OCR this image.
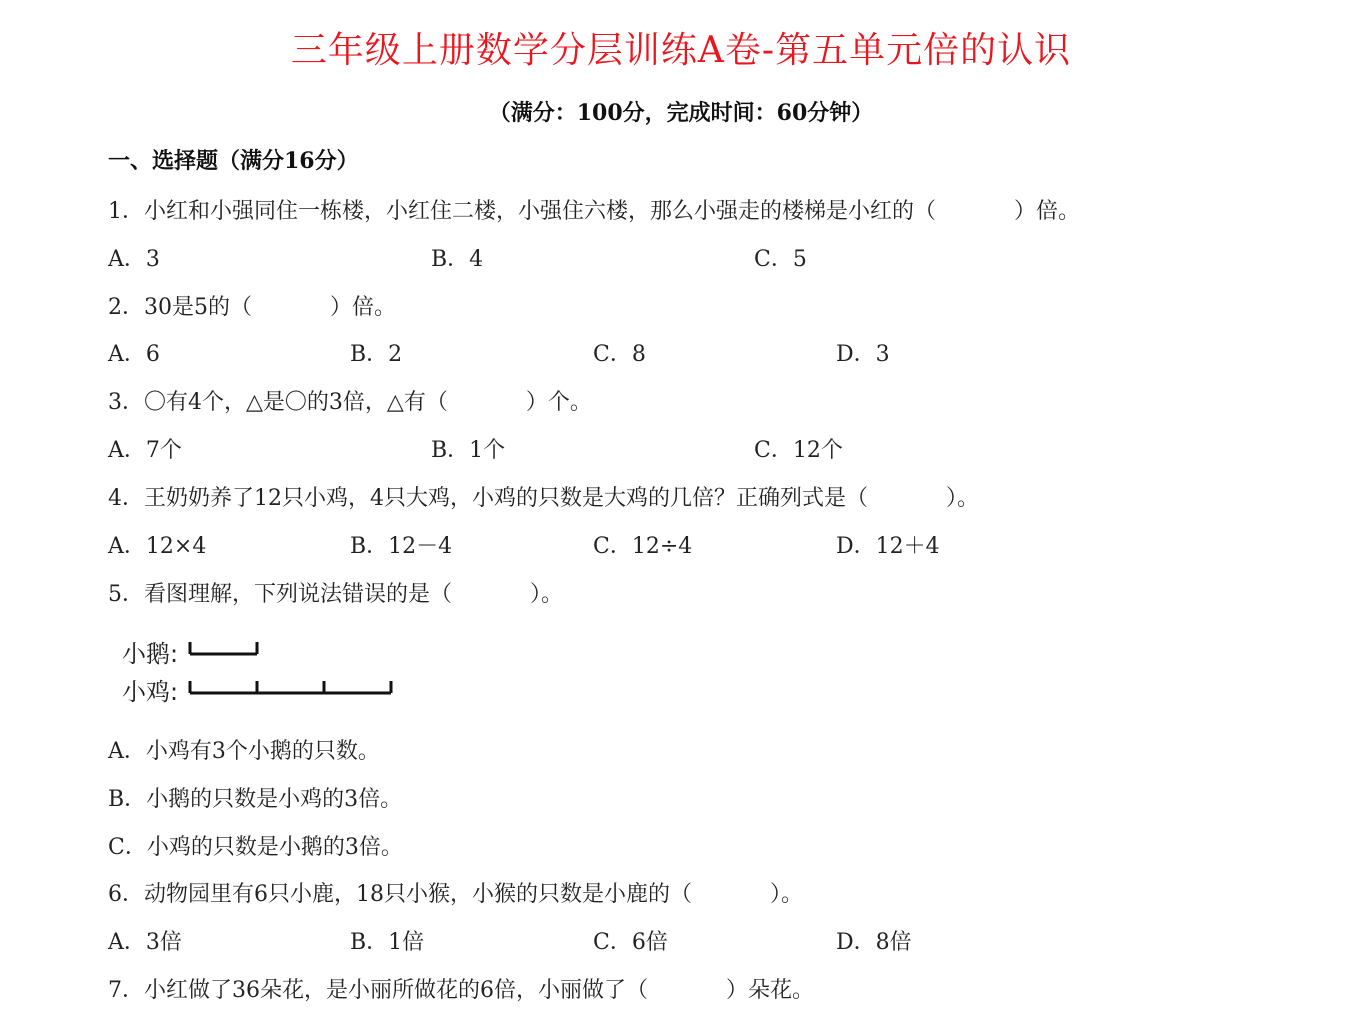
三年级上册数学分层训练A卷-第五单元倍的认识
（满分：100分，完成时间：60分钟）
一、选择题（满分16分）
1．小红和小强同住一栋楼，小红住二楼，小强住六楼，那么小强走的楼梯是小红的（	）倍。
A．3	B．4	C．5
2．30是5的（	）倍。
A．6	B．2	C．8	D．3
3．〇有4个，△是〇的3倍，△有（	）个。
A．7个	B．1个	C．12个
4．王奶奶养了12只小鸡，4只大鸡，小鸡的只数是大鸡的几倍？正确列式是（	）。
A．12×4	B．12－4	C．12÷4	D．12＋4
5．看图理解，下列说法错误的是（	）。
小鹅:
小鸡:
A．小鸡有3个小鹅的只数。
B．小鹅的只数是小鸡的3倍。
C．小鸡的只数是小鹅的3倍。
6．动物园里有6只小鹿，18只小猴，小猴的只数是小鹿的（	）。
A．3倍	B．1倍	C．6倍	D．8倍
7．小红做了36朵花，是小丽所做花的6倍，小丽做了（	）朵花。
